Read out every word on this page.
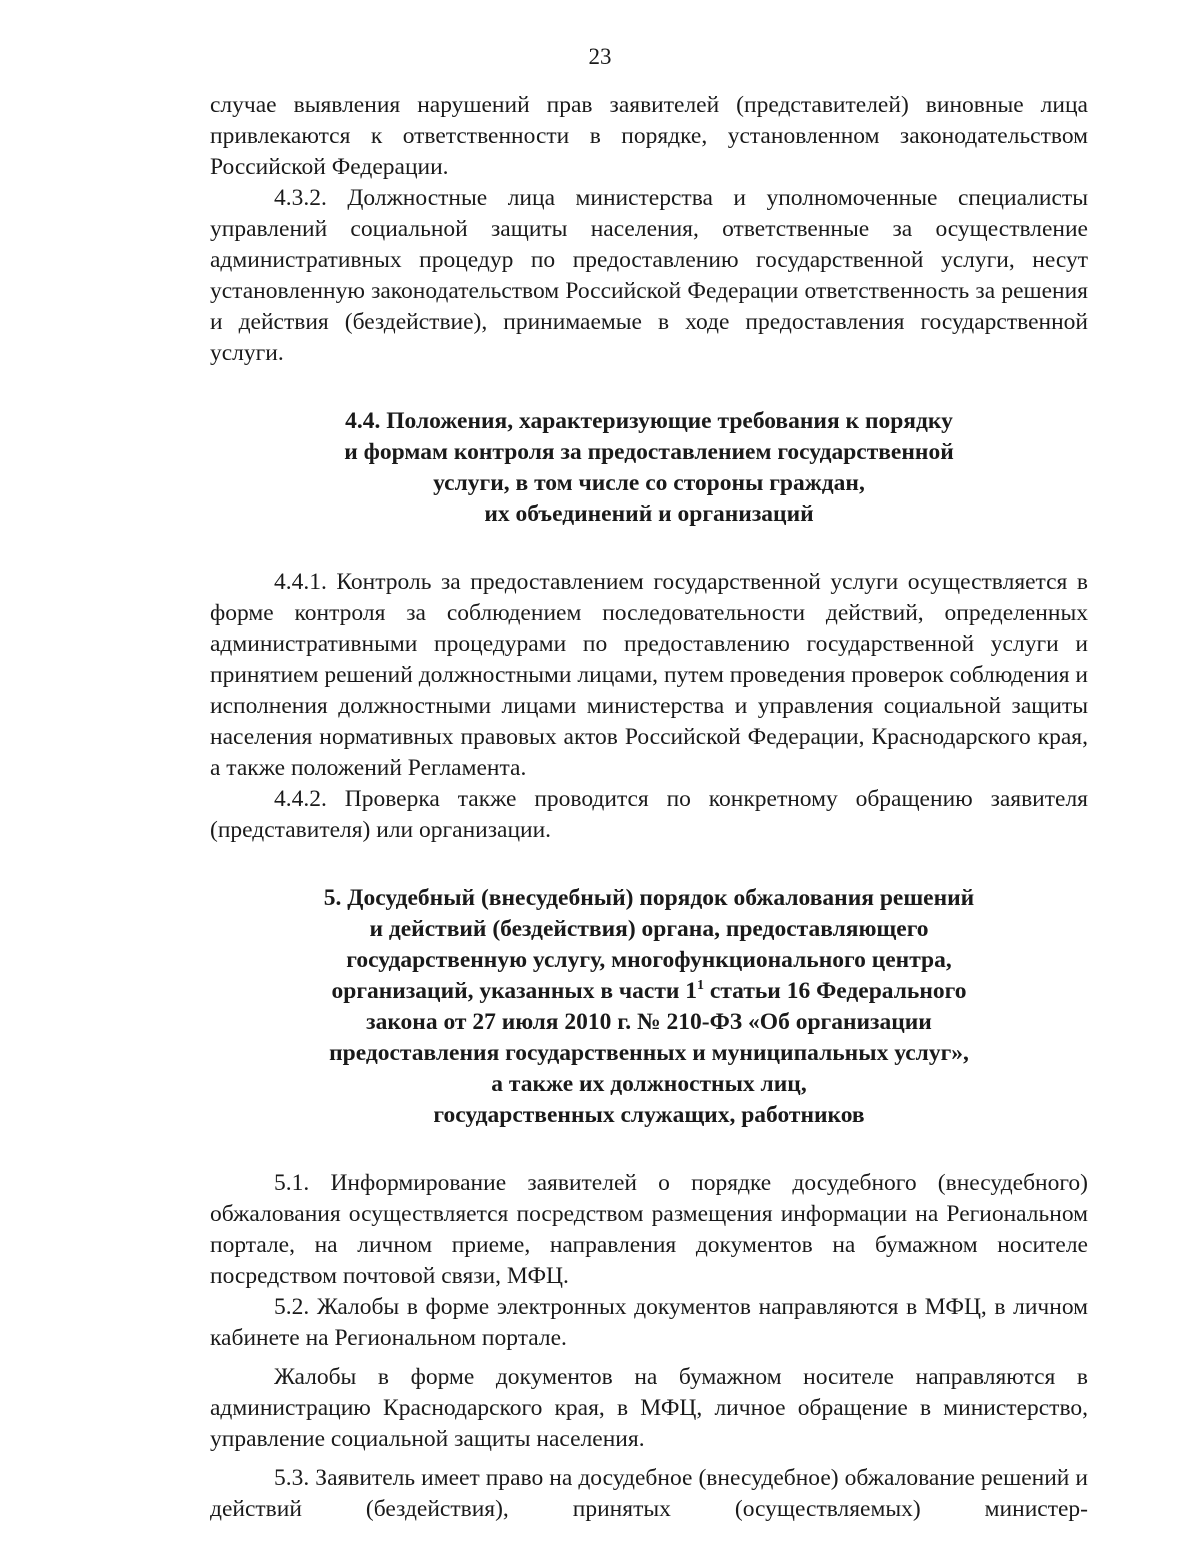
23

случае выявления нарушений прав заявителей (представителей) виновные лица привлекаются к ответственности в порядке, установленном законодательством Российской Федерации.

4.3.2. Должностные лица министерства и уполномоченные специалисты управлений социальной защиты населения, ответственные за осуществление административных процедур по предоставлению государственной услуги, несут установленную законодательством Российской Федерации ответственность за решения и действия (бездействие), принимаемые в ходе предоставления государственной услуги.

4.4. Положения, характеризующие требования к порядку
и формам контроля за предоставлением государственной
услуги, в том числе со стороны граждан,
их объединений и организаций

4.4.1. Контроль за предоставлением государственной услуги осуществляется в форме контроля за соблюдением последовательности действий, определенных административными процедурами по предоставлению государственной услуги и принятием решений должностными лицами, путем проведения проверок соблюдения и исполнения должностными лицами министерства и управления социальной защиты населения нормативных правовых актов Российской Федерации, Краснодарского края, а также положений Регламента.

4.4.2. Проверка также проводится по конкретному обращению заявителя (представителя) или организации.

5. Досудебный (внесудебный) порядок обжалования решений
и действий (бездействия) органа, предоставляющего
государственную услугу, многофункционального центра,
организаций, указанных в части $1^1$ статьи 16 Федерального
закона от 27 июля 2010 г. № 210-ФЗ «Об организации
предоставления государственных и муниципальных услуг»,
а также их должностных лиц,
государственных служащих, работников

5.1. Информирование заявителей о порядке досудебного (внесудебного) обжалования осуществляется посредством размещения информации на Региональном портале, на личном приеме, направления документов на бумажном носителе посредством почтовой связи, МФЦ.

5.2. Жалобы в форме электронных документов направляются в МФЦ, в личном кабинете на Региональном портале.

Жалобы в форме документов на бумажном носителе направляются в администрацию Краснодарского края, в МФЦ, личное обращение в министерство, управление социальной защиты населения.

5.3. Заявитель имеет право на досудебное (внесудебное) обжалование решений и действий (бездействия), принятых (осуществляемых) министер-
